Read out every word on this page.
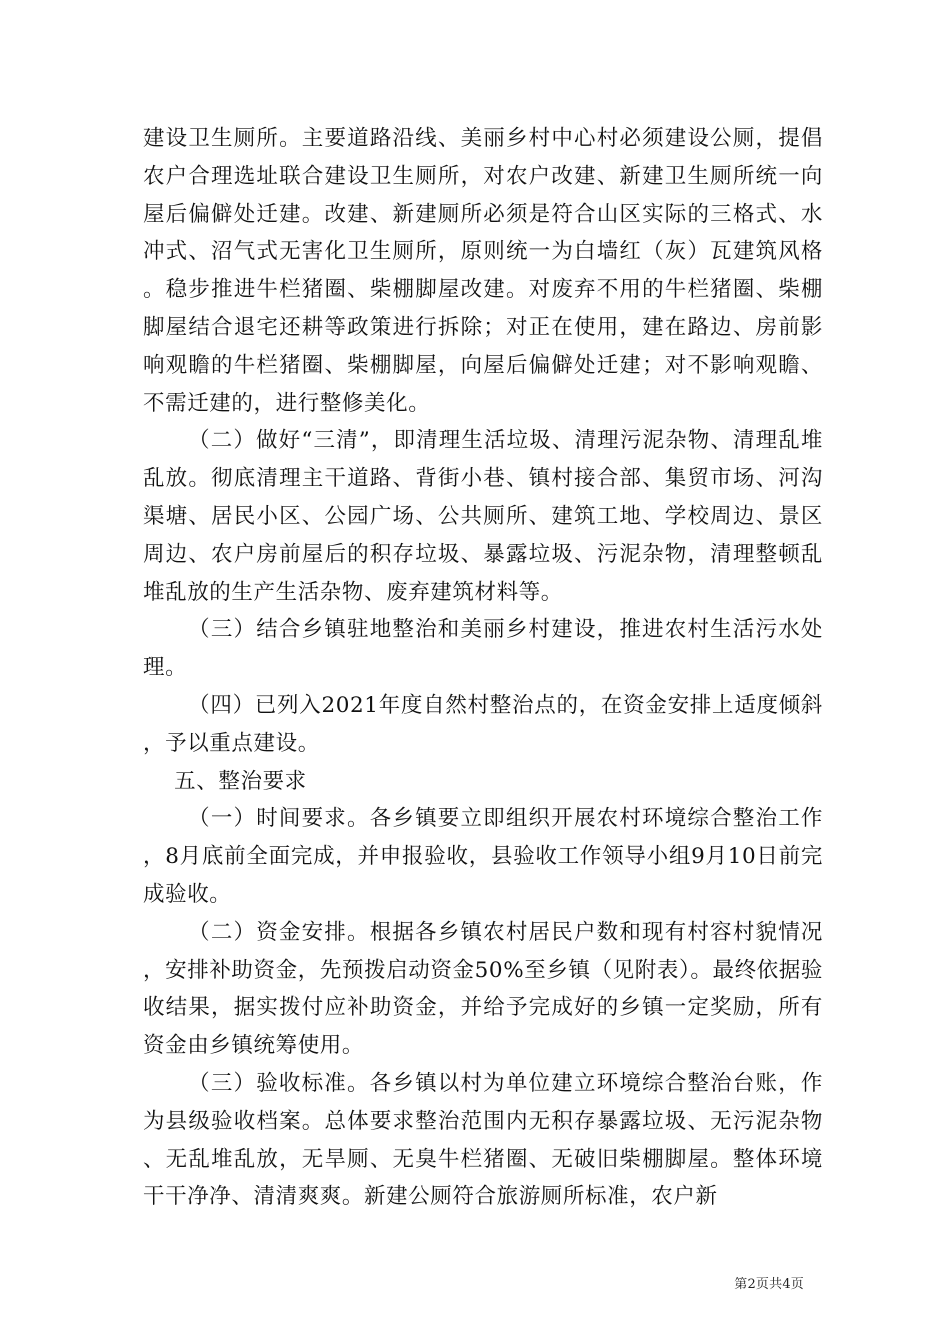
建设卫生厕所。主要道路沿线、美丽乡村中心村必须建设公厕，提倡农户合理选址联合建设卫生厕所，对农户改建、新建卫生厕所统一向屋后偏僻处迁建。改建、新建厕所必须是符合山区实际的三格式、水冲式、沼气式无害化卫生厕所，原则统一为白墙红（灰）瓦建筑风格。稳步推进牛栏猪圈、柴棚脚屋改建。对废弃不用的牛栏猪圈、柴棚脚屋结合退宅还耕等政策进行拆除；对正在使用，建在路边、房前影响观瞻的牛栏猪圈、柴棚脚屋，向屋后偏僻处迁建；对不影响观瞻、不需迁建的，进行整修美化。

（二）做好“三清”，即清理生活垃圾、清理污泥杂物、清理乱堆乱放。彻底清理主干道路、背街小巷、镇村接合部、集贸市场、河沟渠塘、居民小区、公园广场、公共厕所、建筑工地、学校周边、景区周边、农户房前屋后的积存垃圾、暴露垃圾、污泥杂物，清理整顿乱堆乱放的生产生活杂物、废弃建筑材料等。

（三）结合乡镇驻地整治和美丽乡村建设，推进农村生活污水处理。

（四）已列入2021年度自然村整治点的，在资金安排上适度倾斜，予以重点建设。

五、整治要求

（一）时间要求。各乡镇要立即组织开展农村环境综合整治工作，8月底前全面完成，并申报验收，县验收工作领导小组9月10日前完成验收。

（二）资金安排。根据各乡镇农村居民户数和现有村容村貌情况，安排补助资金，先预拨启动资金50%至乡镇（见附表）。最终依据验收结果，据实拨付应补助资金，并给予完成好的乡镇一定奖励，所有资金由乡镇统筹使用。

（三）验收标准。各乡镇以村为单位建立环境综合整治台账，作为县级验收档案。总体要求整治范围内无积存暴露垃圾、无污泥杂物、无乱堆乱放，无旱厕、无臭牛栏猪圈、无破旧柴棚脚屋。整体环境干干净净、清清爽爽。新建公厕符合旅游厕所标准，农户新

第2页共4页
